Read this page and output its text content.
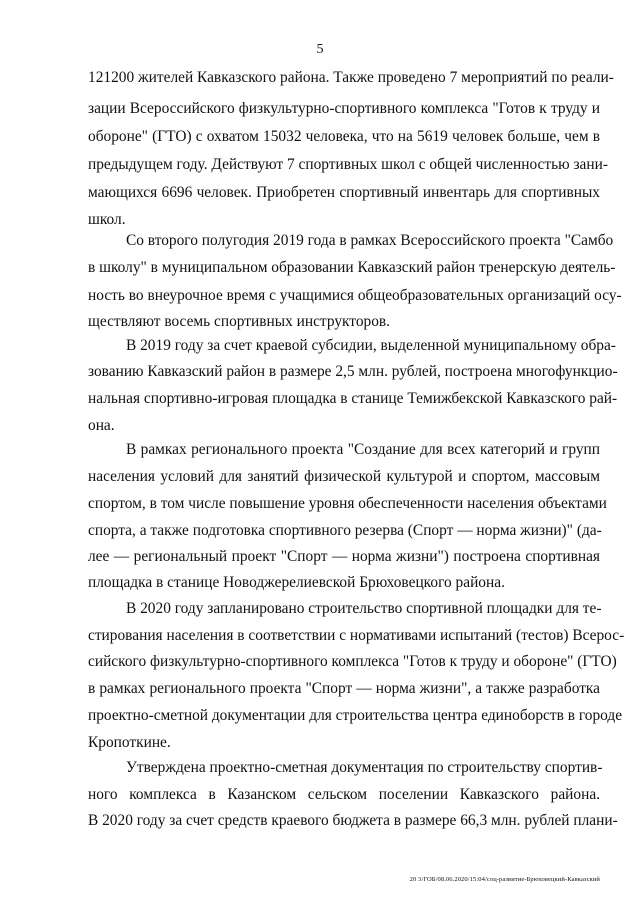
5
121200 жителей Кавказского района. Также проведено 7 мероприятий по реали-
зации Всероссийского физкультурно-спортивного комплекса "Готов к труду и
обороне" (ГТО) с охватом 15032 человека, что на 5619 человек больше, чем в
предыдущем году. Действуют 7 спортивных школ с общей численностью зани-
мающихся 6696 человек. Приобретен спортивный инвентарь для спортивных
школ.
Со второго полугодия 2019 года в рамках Всероссийского проекта "Самбо
в школу" в муниципальном образовании Кавказский район тренерскую деятель-
ность во внеурочное время с учащимися общеобразовательных организаций осу-
ществляют восемь спортивных инструкторов.
В 2019 году за счет краевой субсидии, выделенной муниципальному обра-
зованию Кавказский район в размере 2,5 млн. рублей, построена многофункцио-
нальная спортивно-игровая площадка в станице Темижбекской Кавказского рай-
она.
В рамках регионального проекта "Создание для всех категорий и групп
населения условий для занятий физической культурой и спортом, массовым
спортом, в том числе повышение уровня обеспеченности населения объектами
спорта, а также подготовка спортивного резерва (Спорт — норма жизни)" (да-
лее — региональный проект "Спорт — норма жизни") построена спортивная
площадка в станице Новоджерелиевской Брюховецкого района.
В 2020 году запланировано строительство спортивной площадки для те-
стирования населения в соответствии с нормативами испытаний (тестов) Всерос-
сийского физкультурно-спортивного комплекса "Готов к труду и обороне" (ГТО)
в рамках регионального проекта "Спорт — норма жизни", а также разработка
проектно-сметной документации для строительства центра единоборств в городе
Кропоткине.
Утверждена проектно-сметная документация по строительству спортив-
ного комплекса в Казанском сельском поселении Кавказского района.
В 2020 году за счет средств краевого бюджета в размере 66,3 млн. рублей плани-
20 3/ГОБ/08.06.2020/15:04/соц-развитие-Брюховецкий-Кавказский
